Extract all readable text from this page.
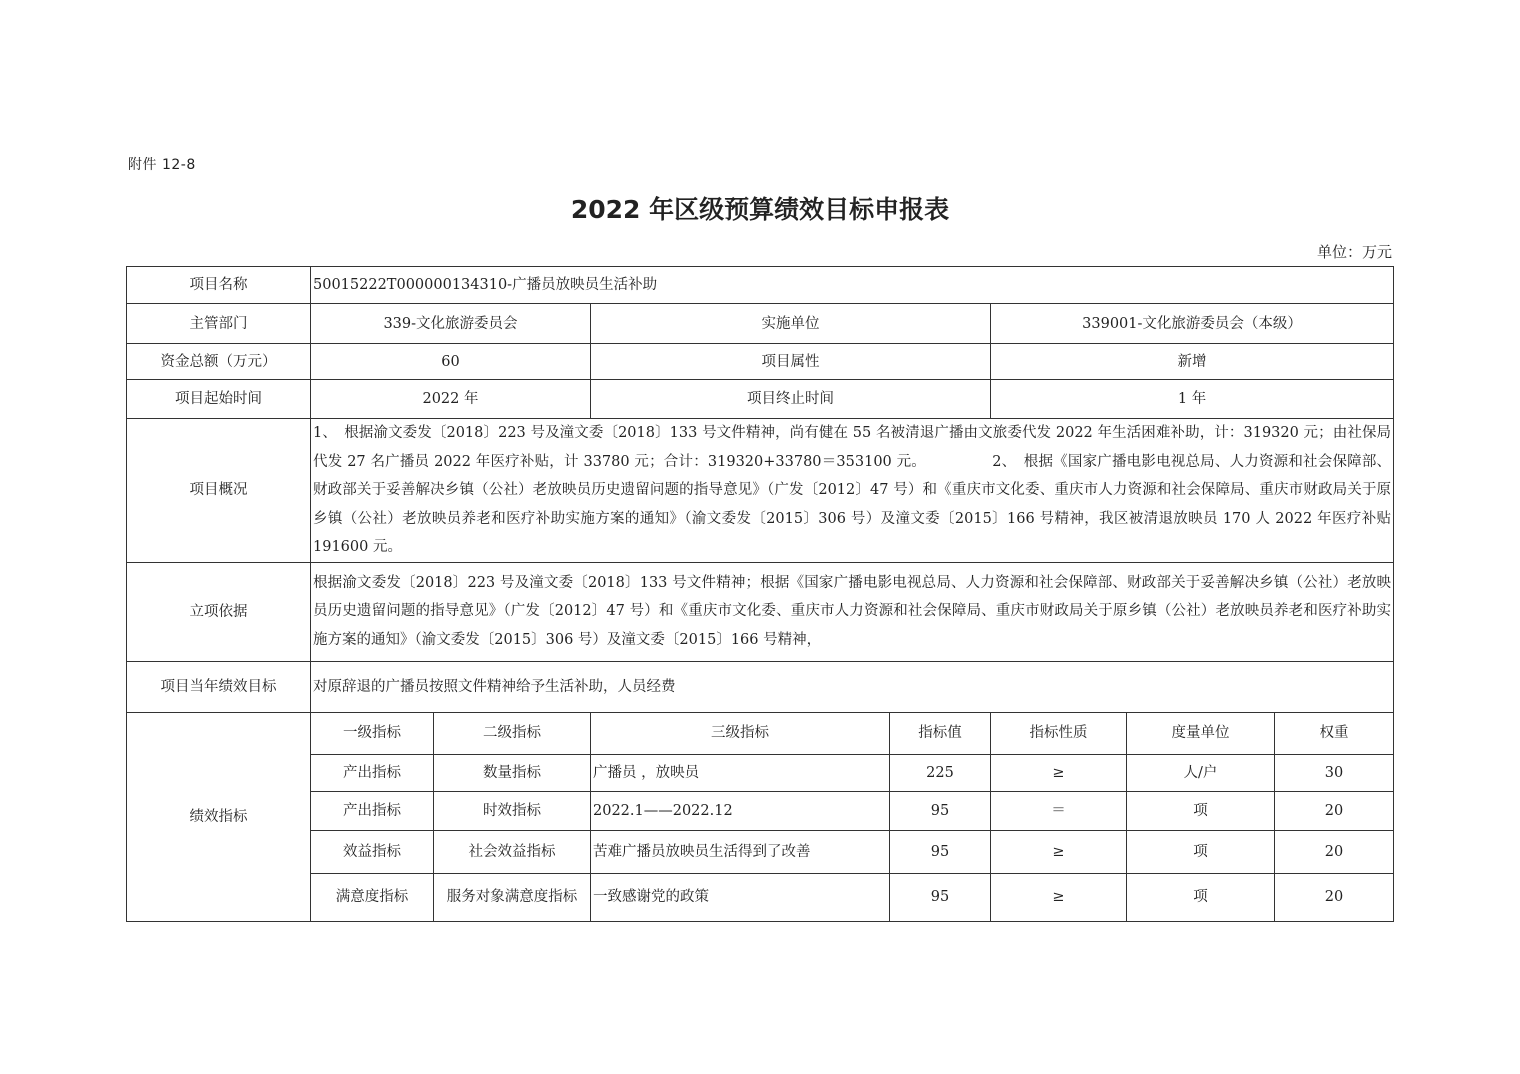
附件 12-8
2022 年区级预算绩效目标申报表
单位：万元
项目名称	50015222T000000134310-广播员放映员生活补助						
主管部门	339-文化旅游委员会		实施单位		339001-文化旅游委员会（本级）		
资金总额（万元）	60		项目属性		新增		
项目起始时间	2022 年		项目终止时间		1 年		
项目概况	1、　根据渝文委发〔2018〕223 号及潼文委〔2018〕133 号文件精神，尚有健在 55 名被清退广播由文旅委代发 2022 年生活困难补助，计：319320 元；由社保局代发 27 名广播员 2022 年医疗补贴，计 33780 元；合计：319320+33780＝353100 元。　　　　　2、　根据《国家广播电影电视总局、人力资源和社会保障部、财政部关于妥善解决乡镇（公社）老放映员历史遗留问题的指导意见》（广发〔2012〕47 号）和《重庆市文化委、重庆市人力资源和社会保障局、重庆市财政局关于原乡镇（公社）老放映员养老和医疗补助实施方案的通知》（渝文委发〔2015〕306 号）及潼文委〔2015〕166 号精神，我区被清退放映员 170 人 2022 年医疗补贴 191600 元。						
立项依据	根据渝文委发〔2018〕223 号及潼文委〔2018〕133 号文件精神；根据《国家广播电影电视总局、人力资源和社会保障部、财政部关于妥善解决乡镇（公社）老放映员历史遗留问题的指导意见》（广发〔2012〕47 号）和《重庆市文化委、重庆市人力资源和社会保障局、重庆市财政局关于原乡镇（公社）老放映员养老和医疗补助实施方案的通知》（渝文委发〔2015〕306 号）及潼文委〔2015〕166 号精神，						
项目当年绩效目标	对原辞退的广播员按照文件精神给予生活补助，人员经费						
绩效指标	一级指标	二级指标	三级指标	指标值	指标性质	度量单位	权重
	产出指标	数量指标	广播员 ，放映员	225	≥	人/户	30
	产出指标	时效指标	2022.1——2022.12	95	＝	项	20
	效益指标	社会效益指标	苦难广播员放映员生活得到了改善	95	≥	项	20
	满意度指标	服务对象满意度指标	一致感谢党的政策	95	≥	项	20
